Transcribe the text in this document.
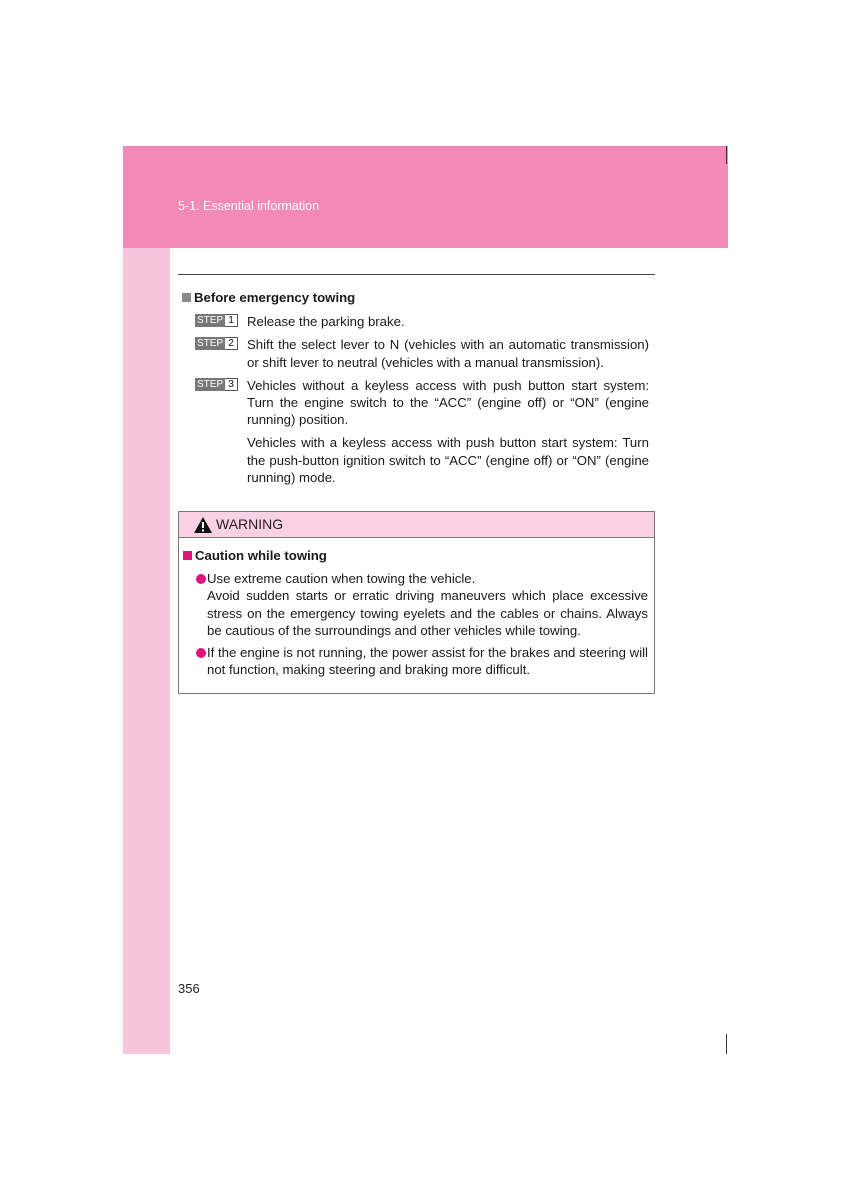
5-1. Essential information
Before emergency towing
STEP 1 Release the parking brake.
STEP 2 Shift the select lever to N (vehicles with an automatic transmission) or shift lever to neutral (vehicles with a manual transmission).
STEP 3 Vehicles without a keyless access with push button start system: Turn the engine switch to the “ACC” (engine off) or “ON” (engine running) position.
Vehicles with a keyless access with push button start system: Turn the push-button ignition switch to “ACC” (engine off) or “ON” (engine running) mode.
WARNING
Caution while towing
Use extreme caution when towing the vehicle.
Avoid sudden starts or erratic driving maneuvers which place excessive stress on the emergency towing eyelets and the cables or chains. Always be cautious of the surroundings and other vehicles while towing.
If the engine is not running, the power assist for the brakes and steering will not function, making steering and braking more difficult.
356
